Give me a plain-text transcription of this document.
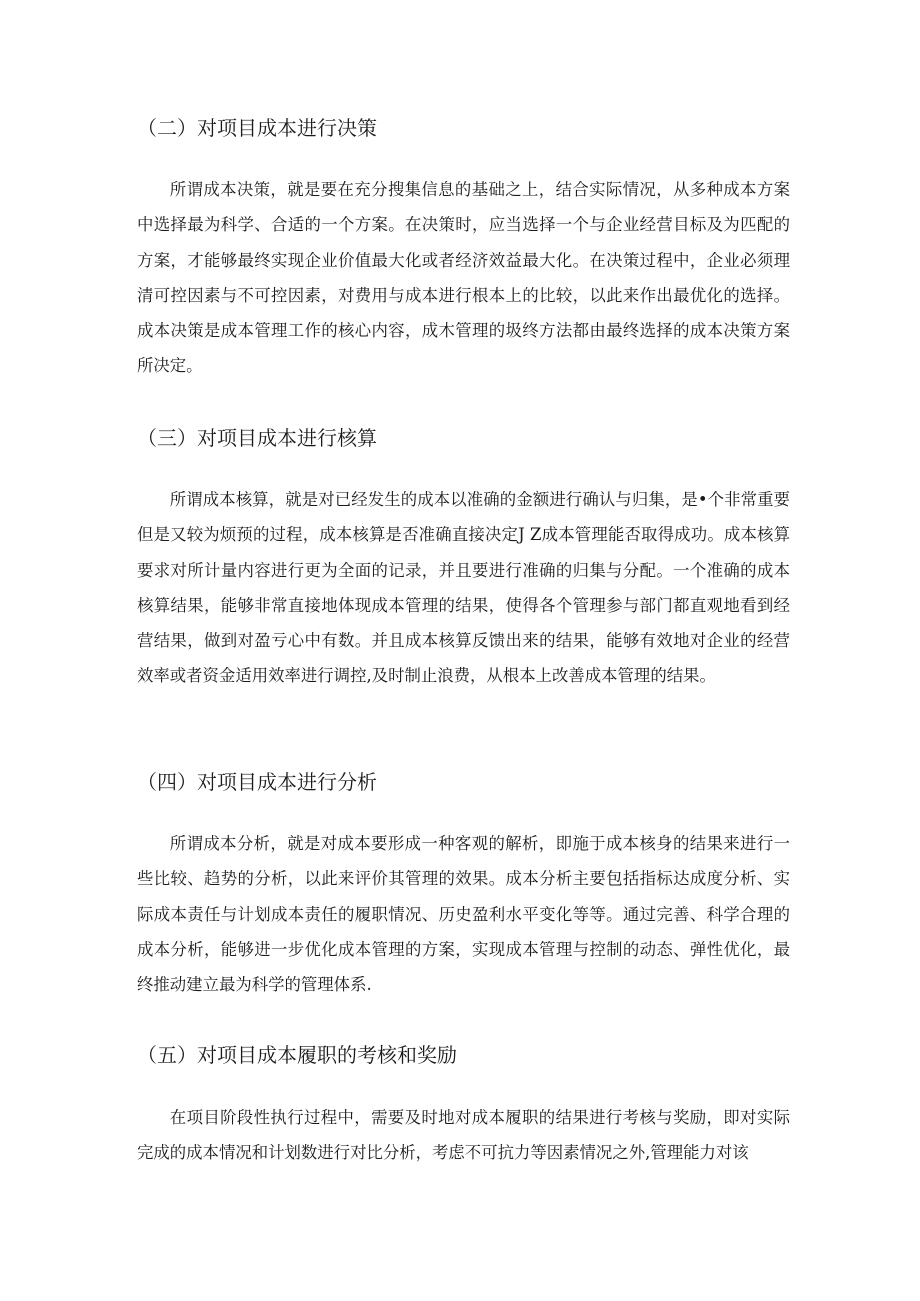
（二）对项目成本进行决策

所谓成本决策，就是要在充分搜集信息的基础之上，结合实际情况，从多种成本方案中选择最为科学、合适的一个方案。在决策时，应当选择一个与企业经营目标及为匹配的方案，才能够最终实现企业价值最大化或者经济效益最大化。在决策过程中，企业必须理清可控因素与不可控因素，对费用与成本进行根本上的比较，以此来作出最优化的选择。成本决策是成本管理工作的核心内容，成木管理的圾终方法都由最终选择的成本决策方案所决定。

（三）对项目成本进行核算

所谓成本核算，就是对已经发生的成本以准确的金额进行确认与归集，是•个非常重要但是又较为烦预的过程，成本核算是否准确直接决定J Z成本管理能否取得成功。成本核算要求对所计量内容进行更为全面的记录，并且要进行准确的归集与分配。一个准确的成本核算结果，能够非常直接地体现成本管理的结果，使得各个管理参与部门都直观地看到经营结果，做到对盈亏心中有数。并且成本核算反馈出来的结果，能够有效地对企业的经营效率或者资金适用效率进行调控,及时制止浪费，从根本上改善成本管理的结果。

（四）对项目成本进行分析

所谓成本分析，就是对成本要形成一种客观的解析，即施于成本核身的结果来进行一些比较、趋势的分析，以此来评价其管理的效果。成本分析主要包括指标达成度分析、实际成本责任与计划成本责任的履职情况、历史盈利水平变化等等。通过完善、科学合理的成本分析，能够进一步优化成本管理的方案，实现成本管理与控制的动态、弹性优化，最终推动建立最为科学的管理体系.

（五）对项目成本履职的考核和奖励

在项目阶段性执行过程中，需要及时地对成本履职的结果进行考核与奖励，即对实际完成的成本情况和计划数进行对比分析，考虑不可抗力等因素情况之外,管理能力对该
